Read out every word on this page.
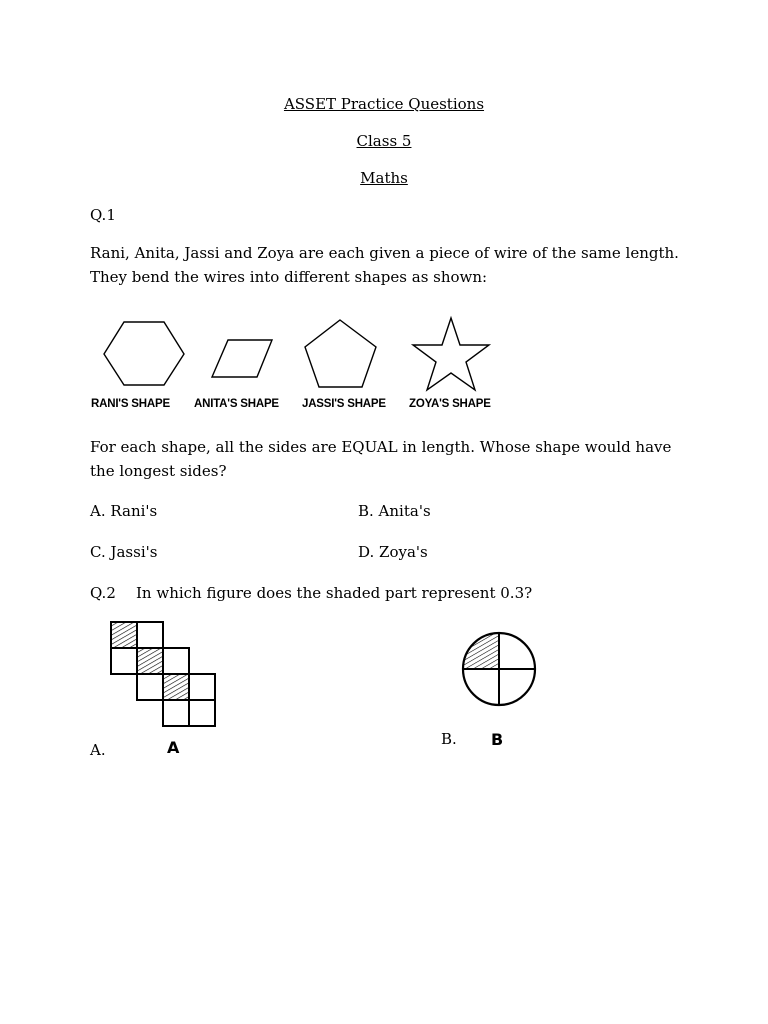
ASSET Practice Questions
Class 5
Maths
Q.1
Rani, Anita, Jassi and Zoya are each given a piece of wire of the same length.
They bend the wires into different shapes as shown:
RANI'S SHAPE ANITA'S SHAPE JASSI'S SHAPE ZOYA'S SHAPE
For each shape, all the sides are EQUAL in length. Whose shape would have
the longest sides?
A. Rani's	B. Anita's
C. Jassi's	D. Zoya's
Q.2 In which figure does the shaded part represent 0.3?
A.	A	B. B
